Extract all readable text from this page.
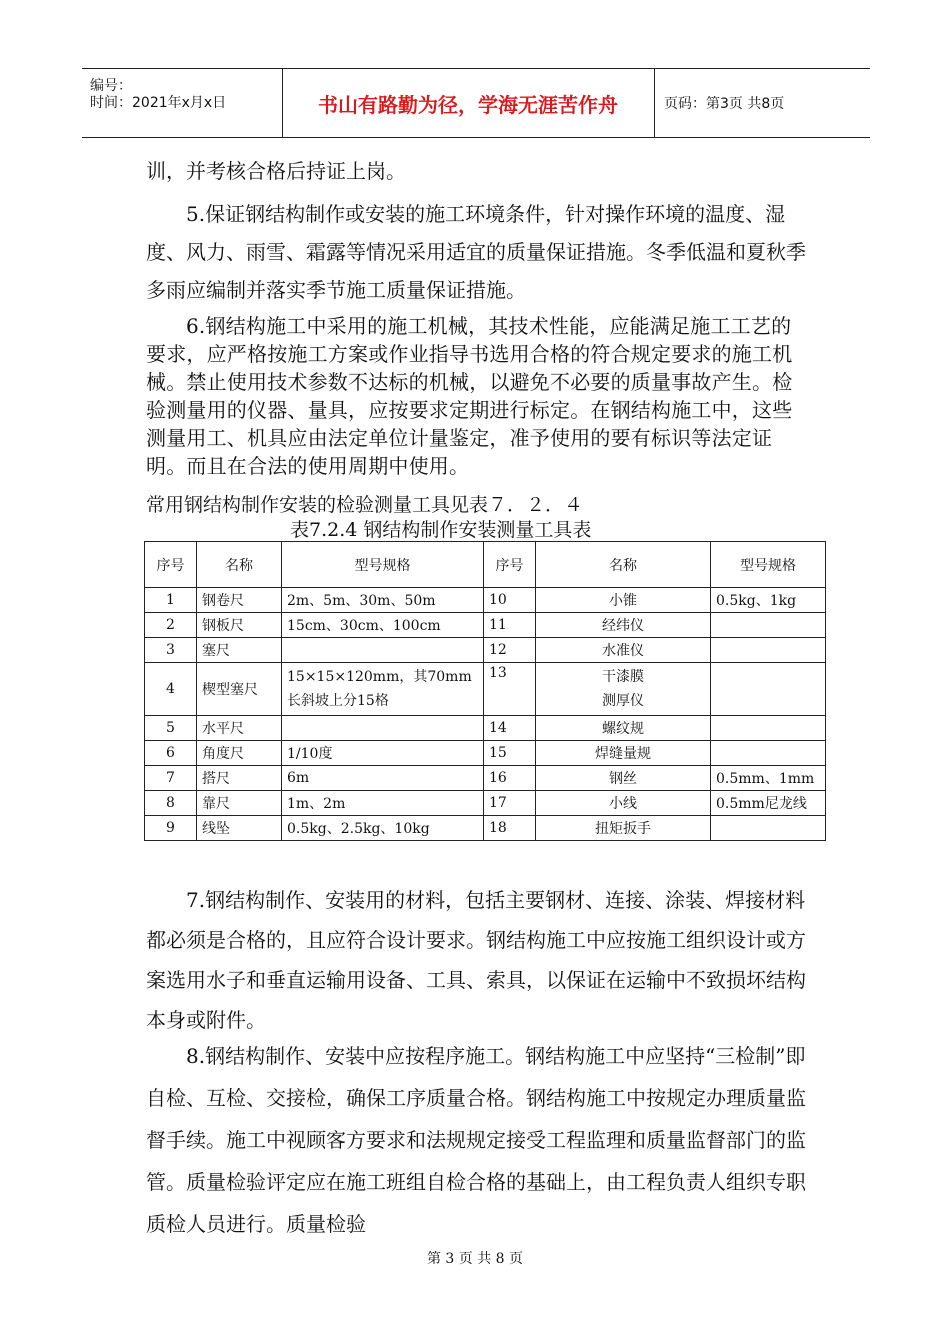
编号：
时间：2021年x月x日	书山有路勤为径，学海无涯苦作舟	页码：第3页 共8页
训，并考核合格后持证上岗。
5.保证钢结构制作或安装的施工环境条件，针对操作环境的温度、湿度、风力、雨雪、霜露等情况采用适宜的质量保证措施。冬季低温和夏秋季多雨应编制并落实季节施工质量保证措施。
6.钢结构施工中采用的施工机械，其技术性能，应能满足施工工艺的要求，应严格按施工方案或作业指导书选用合格的符合规定要求的施工机械。禁止使用技术参数不达标的机械，以避免不必要的质量事故产生。检验测量用的仪器、量具，应按要求定期进行标定。在钢结构施工中，这些测量用工、机具应由法定单位计量鉴定，准予使用的要有标识等法定证明。而且在合法的使用周期中使用。
常用钢结构制作安装的检验测量工具见表７．２．４
表7.2.4 钢结构制作安装测量工具表
序号	名称	型号规格	序号	名称	型号规格
1	钢卷尺	2m、5m、30m、50m	10	小锥	0.5kg、1kg
2	钢板尺	15cm、30cm、100cm	11	经纬仪	
3	塞尺		12	水准仪	
4	楔型塞尺	15×15×120mm，其70mm长斜坡上分15格	13	干漆膜测厚仪	
5	水平尺		14	螺纹规	
6	角度尺	1/10度	15	焊缝量规	
7	搭尺	6m	16	钢丝	0.5mm、1mm
8	靠尺	1m、2m	17	小线	0.5mm尼龙线
9	线坠	0.5kg、2.5kg、10kg	18	扭矩扳手	
7.钢结构制作、安装用的材料，包括主要钢材、连接、涂装、焊接材料都必须是合格的，且应符合设计要求。钢结构施工中应按施工组织设计或方案选用水子和垂直运输用设备、工具、索具，以保证在运输中不致损坏结构本身或附件。
8.钢结构制作、安装中应按程序施工。钢结构施工中应坚持“三检制”即自检、互检、交接检，确保工序质量合格。钢结构施工中按规定办理质量监督手续。施工中视顾客方要求和法规规定接受工程监理和质量监督部门的监管。质量检验评定应在施工班组自检合格的基础上，由工程负责人组织专职质检人员进行。质量检验
第 3 页 共 8 页
